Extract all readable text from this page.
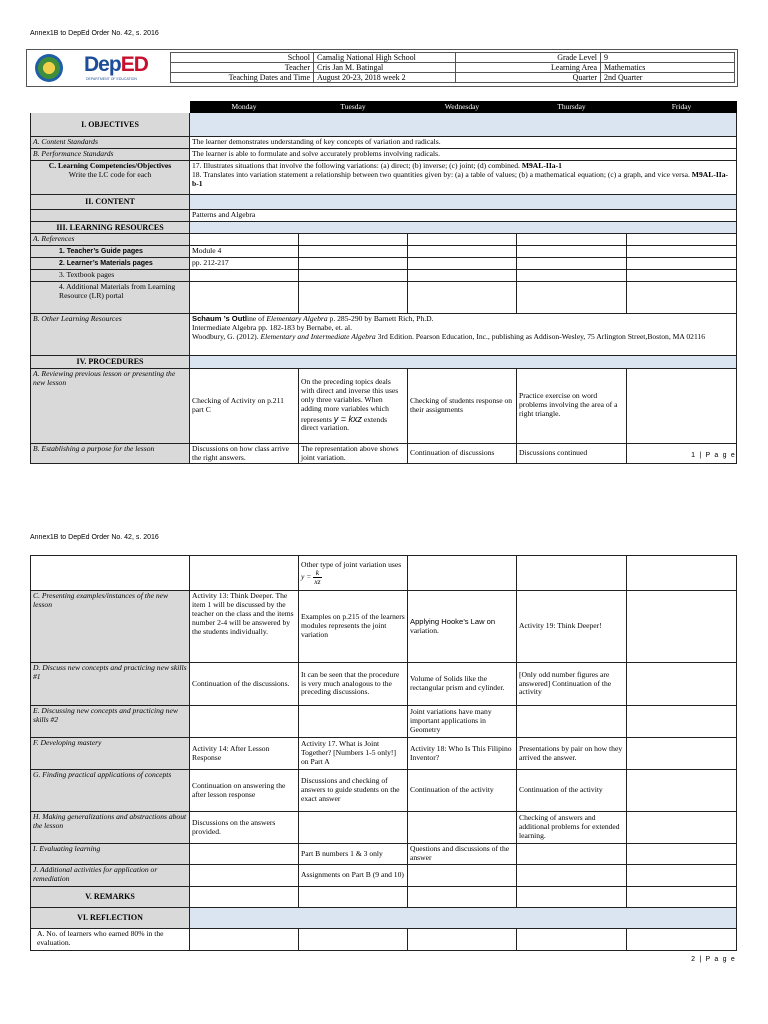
Annex1B to DepEd Order No. 42, s. 2016
DepED
DEPARTMENT OF EDUCATION
School	Camalig National High School	Grade Level	9
Teacher	Cris Jan M. Batingal	Learning Area	Mathematics
Teaching Dates and Time	August 20-23, 2018 week 2	Quarter	2nd Quarter
	Monday	Tuesday	Wednesday	Thursday	Friday
I. OBJECTIVES					
A. Content Standards	The learner demonstrates understanding of key concepts of variation and radicals.				
B. Performance Standards	The learner is able to formulate and solve accurately problems involving radicals.				

C. Learning Competencies/Objectives
Write the LC code for each	17. Illustrates situations that involve the following variations: (a) direct; (b) inverse; (c) joint; (d) combined. M9AL-IIa-1
18. Translates into variation statement a relationship between two quantities given by: (a) a table of values; (b) a mathematical equation; (c) a graph, and vice versa. M9AL-IIa-b-1				
II. CONTENT					
	Patterns and Algebra				
III. LEARNING RESOURCES					
A. References					
1. Teacher’s Guide pages	Module 4				
2. Learner’s Materials pages	pp. 212-217				
3. Textbook pages					
4. Additional Materials from Learning Resource (LR) portal					
B. Other Learning Resources	Schaum ’s Outline of Elementary Algebra p. 285-290 by Barnett Rich, Ph.D.
Intermediate Algebra pp. 182-183 by Bernabe, et. al.
Woodbury, G. (2012). Elementary and Intermediate Algebra 3rd Edition. Pearson Education, Inc., publishing as Addison-Wesley, 75 Arlington Street,Boston, MA 02116				
IV. PROCEDURES					
A. Reviewing previous lesson or presenting the new lesson	Checking of Activity on p.211 part C	On the preceding topics deals with direct and inverse this uses only three variables. When adding more variables which represents y = kxz extends direct variation.	Checking of students response on their assignments	Practice exercise on word problems involving the area of a right triangle.	
B. Establishing a purpose for the lesson	Discussions on how class arrive the right answers.	The representation above shows joint variation.	Continuation of discussions	Discussions continued		1 | P a g e
Annex1B to DepEd Order No. 42, s. 2016
		Other type of joint variation uses $y = \frac{k}{xz}$

C. Presenting examples/instances of the new lesson	Activity 13: Think Deeper. The item 1 will be discussed by the teacher on the class and the items number 2-4 will be answered by the students individually.	Examples on p.215 of the learners modules represents the joint variation	Applying Hooke’s Law on
variation.	Activity 19: Think Deeper!	
D. Discuss new concepts and practicing new skills #1	Continuation of the discussions.	It can be seen that the procedure is very much analogous to the preceding discussions.	Volume of Solids like the rectangular prism and cylinder.	[Only odd number figures are answered] Continuation of the activity	
E. Discussing new concepts and practicing new skills #2			Joint variations have many important applications in Geometry		
F. Developing mastery	Activity 14: After Lesson Response	Activity 17. What is Joint Together? [Numbers 1-5 only!] on Part A	Activity 18: Who Is This Filipino Inventor?	Presentations by pair on how they arrived the answer.	
G. Finding practical applications of concepts	Continuation on answering the after lesson response	Discussions and checking of answers to guide students on the exact answer	Continuation of the activity	Continuation of the activity	
H. Making generalizations and abstractions about the lesson	Discussions on the answers provided.			Checking of answers and additional problems for extended learning.	
I. Evaluating learning		Part B numbers 1 & 3 only	Questions and discussions of the answer		
J. Additional activities for application or remediation		Assignments on Part B (9 and 10)			
V. REMARKS					
VI. REFLECTION					
A. No. of learners who earned 80% in the evaluation.					
2 | P a g e
